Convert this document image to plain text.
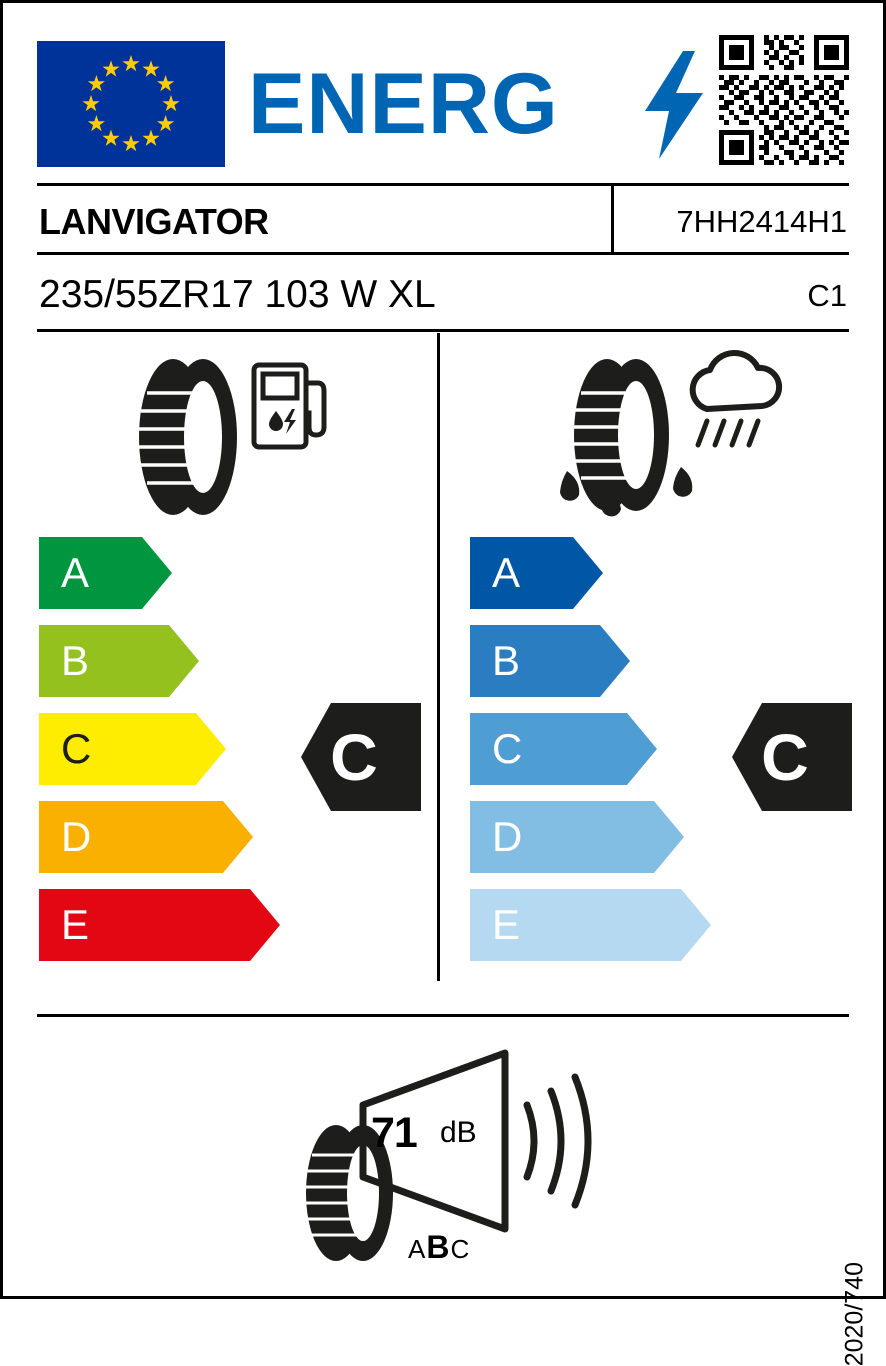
ENERG
LANVIGATOR	7HH2414H1
235/55ZR17 103 W XL	C1
A
B
C
D
E
C
A
B
C
D
E
C
71 dB
ABC
2020/740
